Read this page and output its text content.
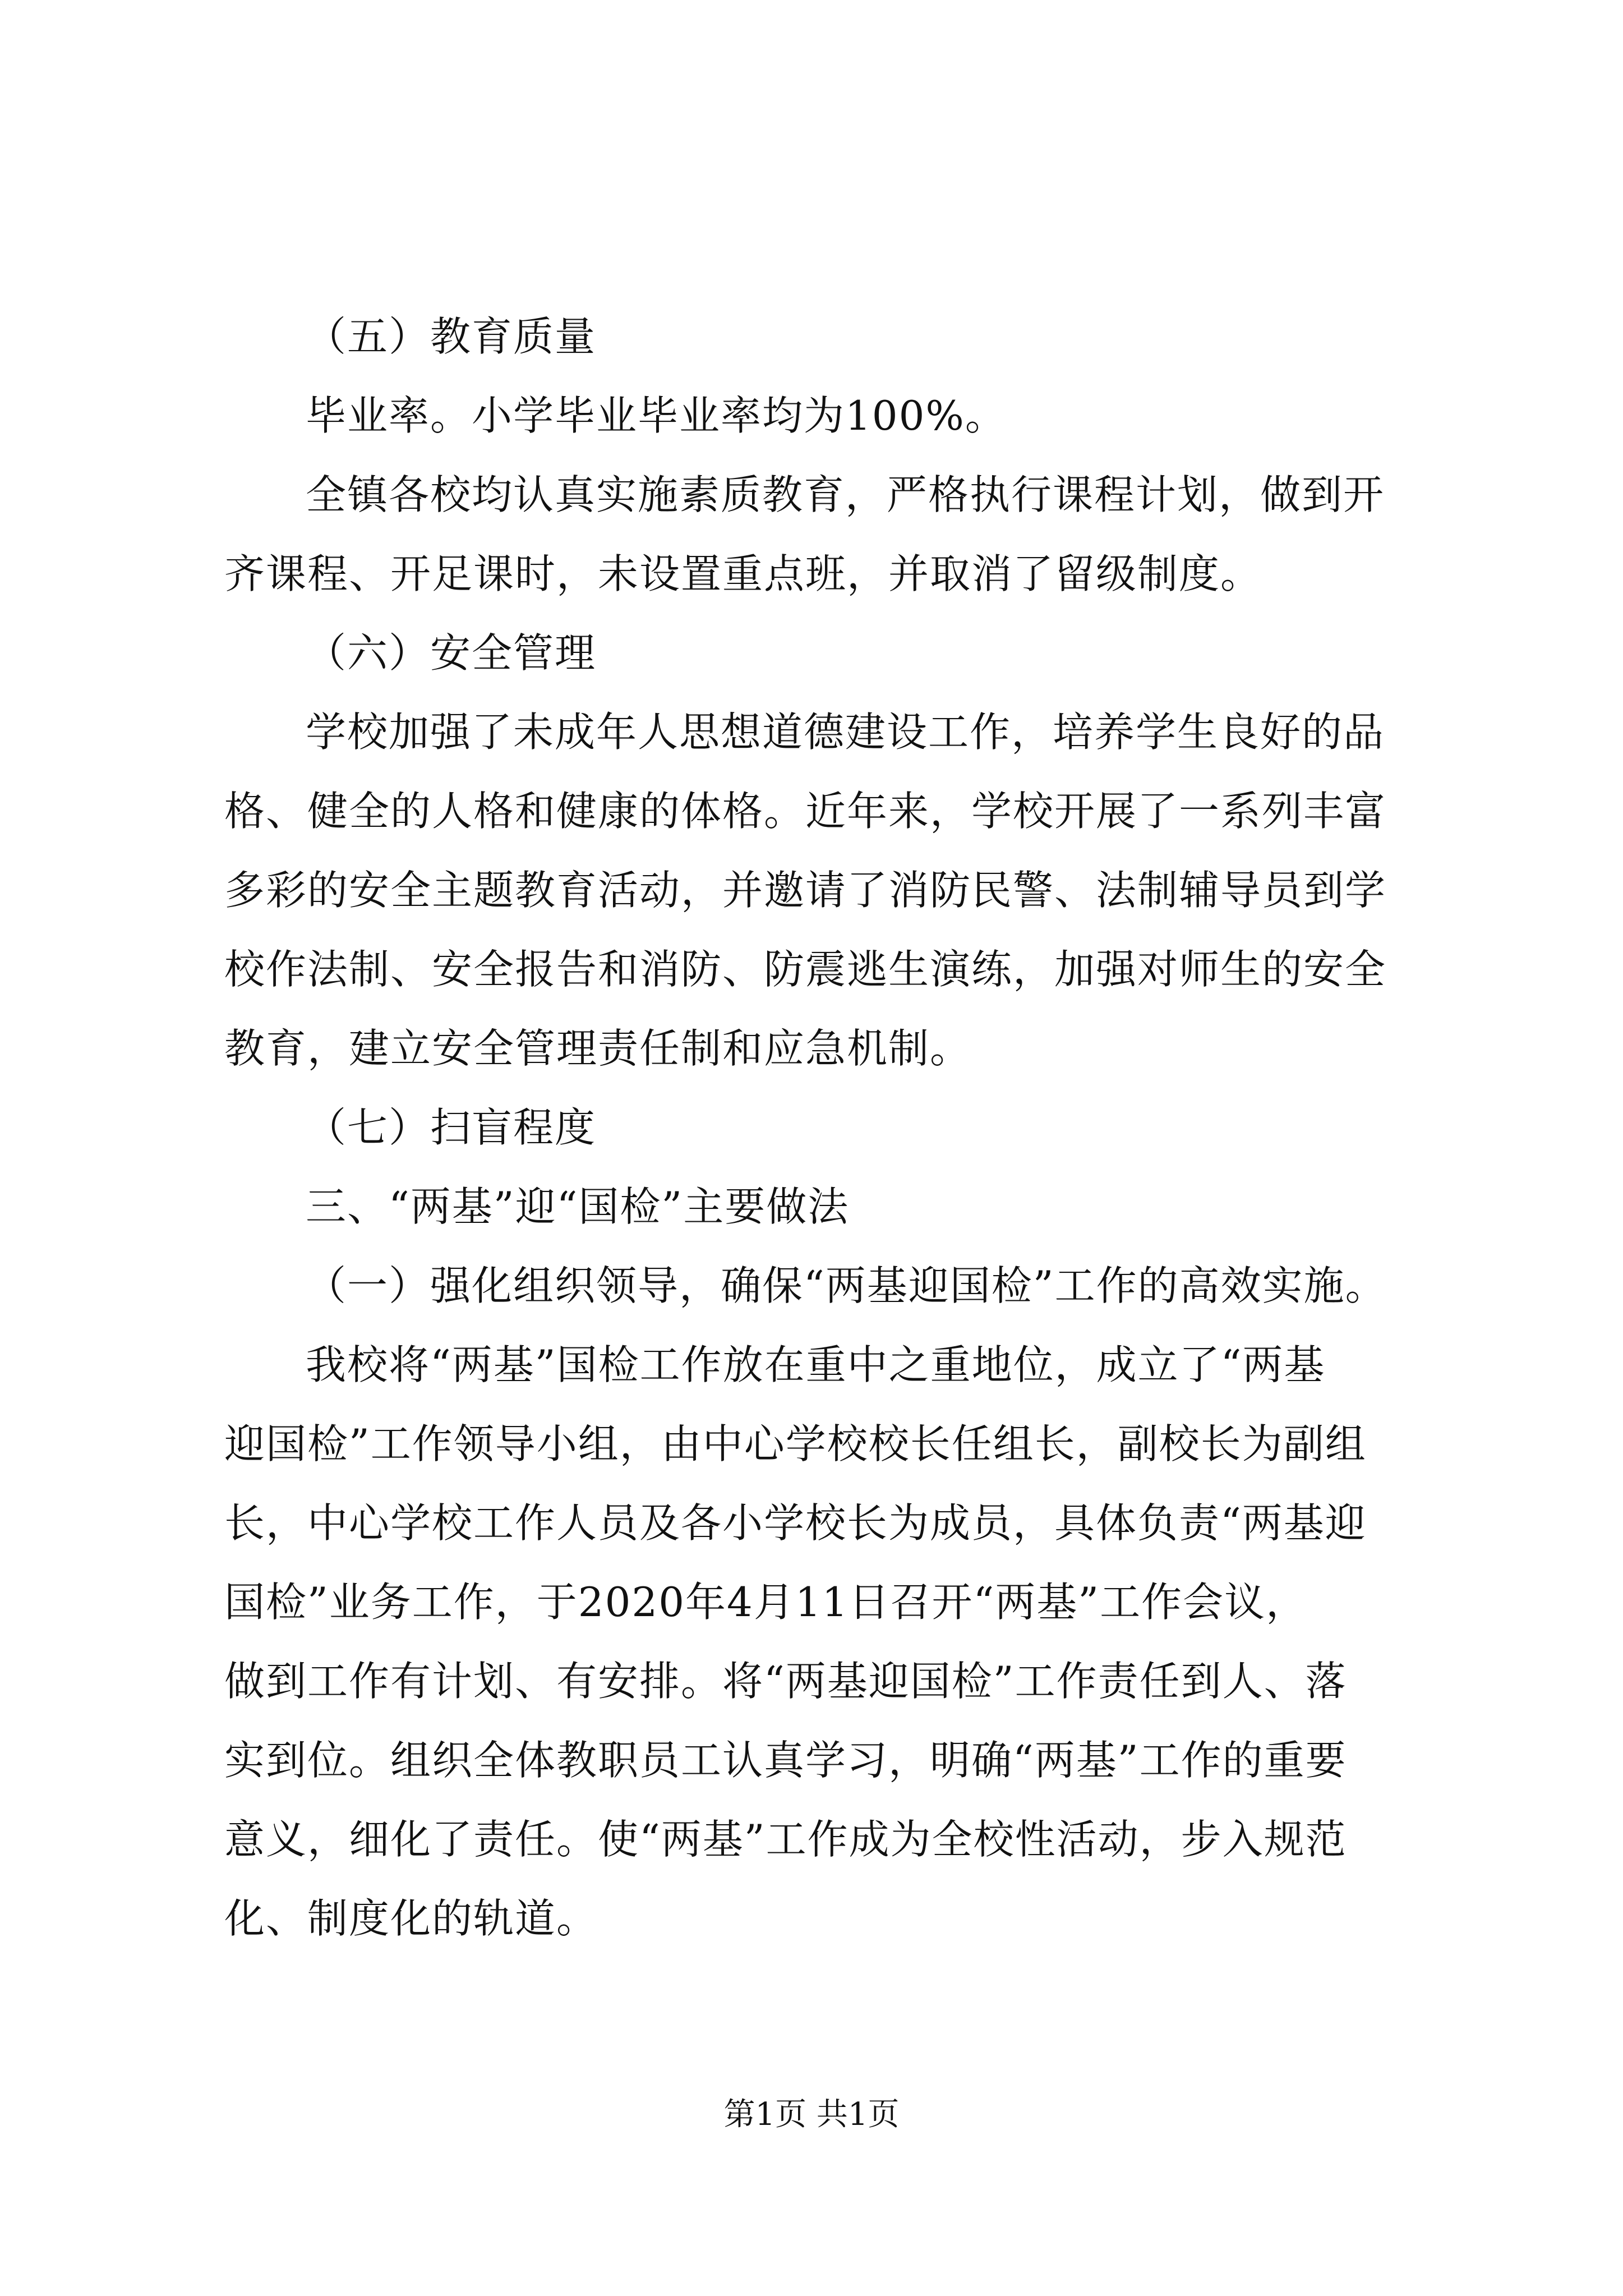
（五）教育质量
毕业率。小学毕业毕业率均为100%。
全镇各校均认真实施素质教育，严格执行课程计划，做到开
齐课程、开足课时，未设置重点班，并取消了留级制度。
（六）安全管理
学校加强了未成年人思想道德建设工作，培养学生良好的品
格、健全的人格和健康的体格。近年来，学校开展了一系列丰富
多彩的安全主题教育活动，并邀请了消防民警、法制辅导员到学
校作法制、安全报告和消防、防震逃生演练，加强对师生的安全
教育，建立安全管理责任制和应急机制。
（七）扫盲程度
三、“两基”迎“国检”主要做法
（一）强化组织领导，确保“两基迎国检”工作的高效实施。
我校将“两基”国检工作放在重中之重地位，成立了“两基
迎国检”工作领导小组，由中心学校校长任组长，副校长为副组
长，中心学校工作人员及各小学校长为成员，具体负责“两基迎
国检”业务工作，于2020年4月11日召开“两基”工作会议，
做到工作有计划、有安排。将“两基迎国检”工作责任到人、落
实到位。组织全体教职员工认真学习，明确“两基”工作的重要
意义，细化了责任。使“两基”工作成为全校性活动，步入规范
化、制度化的轨道。
第1页 共1页
